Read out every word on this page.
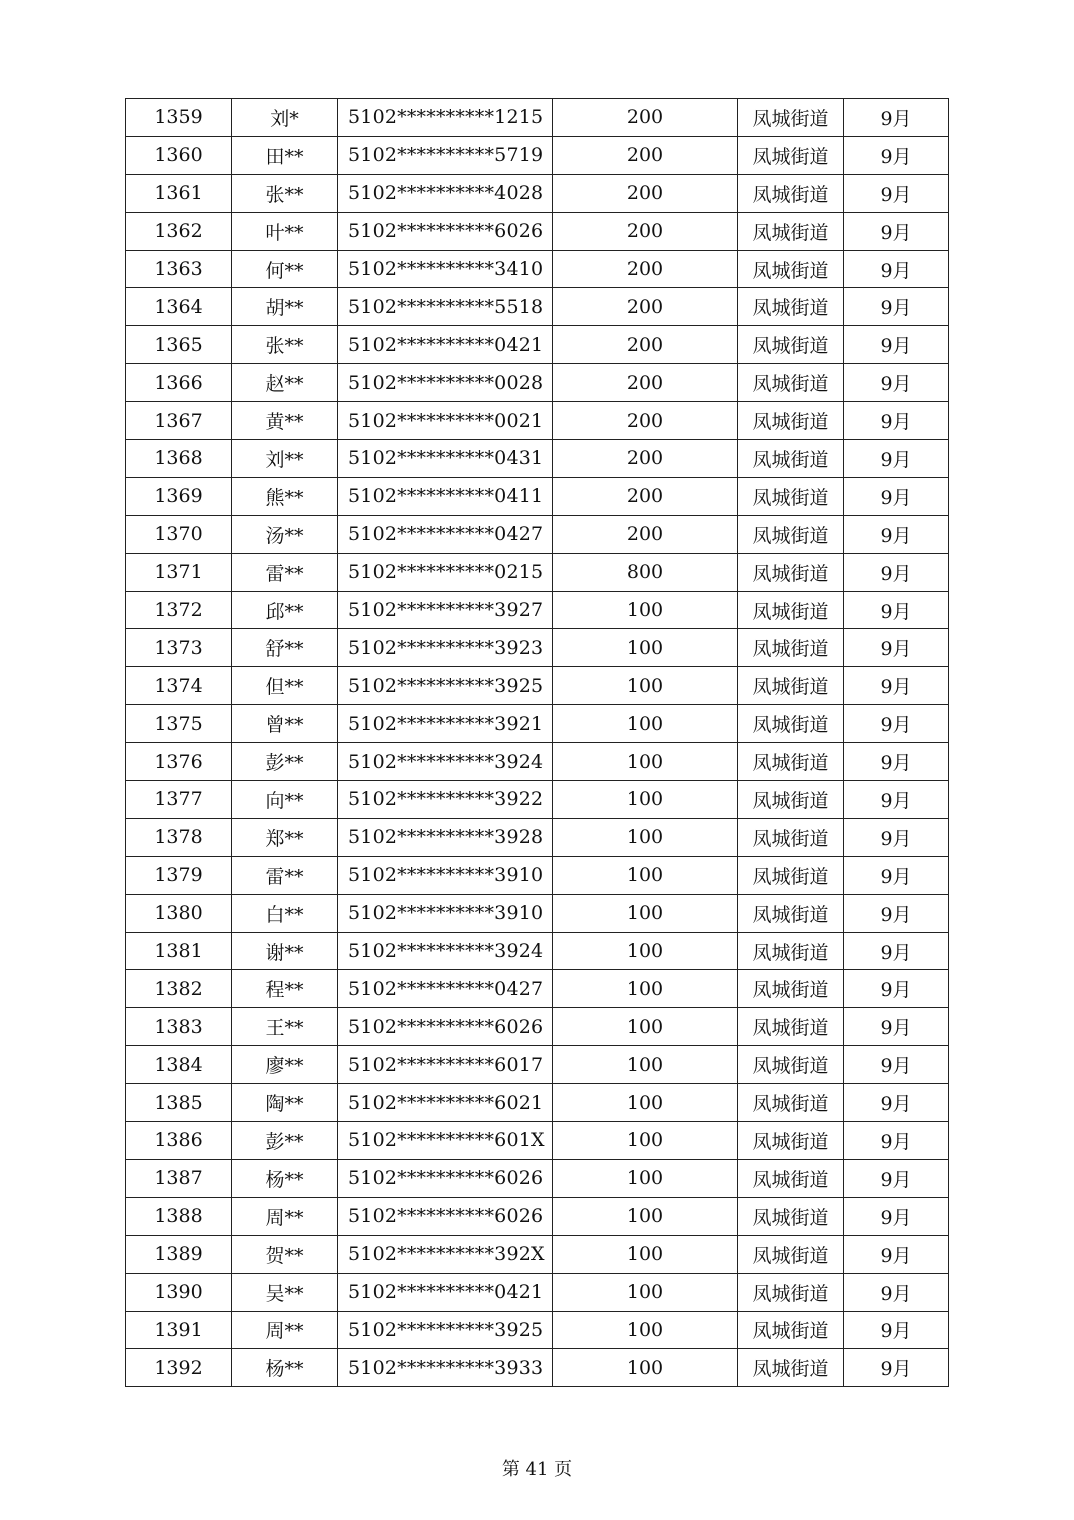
1359	刘*	5102**********1215	200	凤城街道	9月
1360	田**	5102**********5719	200	凤城街道	9月
1361	张**	5102**********4028	200	凤城街道	9月
1362	叶**	5102**********6026	200	凤城街道	9月
1363	何**	5102**********3410	200	凤城街道	9月
1364	胡**	5102**********5518	200	凤城街道	9月
1365	张**	5102**********0421	200	凤城街道	9月
1366	赵**	5102**********0028	200	凤城街道	9月
1367	黄**	5102**********0021	200	凤城街道	9月
1368	刘**	5102**********0431	200	凤城街道	9月
1369	熊**	5102**********0411	200	凤城街道	9月
1370	汤**	5102**********0427	200	凤城街道	9月
1371	雷**	5102**********0215	800	凤城街道	9月
1372	邱**	5102**********3927	100	凤城街道	9月
1373	舒**	5102**********3923	100	凤城街道	9月
1374	但**	5102**********3925	100	凤城街道	9月
1375	曾**	5102**********3921	100	凤城街道	9月
1376	彭**	5102**********3924	100	凤城街道	9月
1377	向**	5102**********3922	100	凤城街道	9月
1378	郑**	5102**********3928	100	凤城街道	9月
1379	雷**	5102**********3910	100	凤城街道	9月
1380	白**	5102**********3910	100	凤城街道	9月
1381	谢**	5102**********3924	100	凤城街道	9月
1382	程**	5102**********0427	100	凤城街道	9月
1383	王**	5102**********6026	100	凤城街道	9月
1384	廖**	5102**********6017	100	凤城街道	9月
1385	陶**	5102**********6021	100	凤城街道	9月
1386	彭**	5102**********601X	100	凤城街道	9月
1387	杨**	5102**********6026	100	凤城街道	9月
1388	周**	5102**********6026	100	凤城街道	9月
1389	贺**	5102**********392X	100	凤城街道	9月
1390	吴**	5102**********0421	100	凤城街道	9月
1391	周**	5102**********3925	100	凤城街道	9月
1392	杨**	5102**********3933	100	凤城街道	9月
第 41 页
